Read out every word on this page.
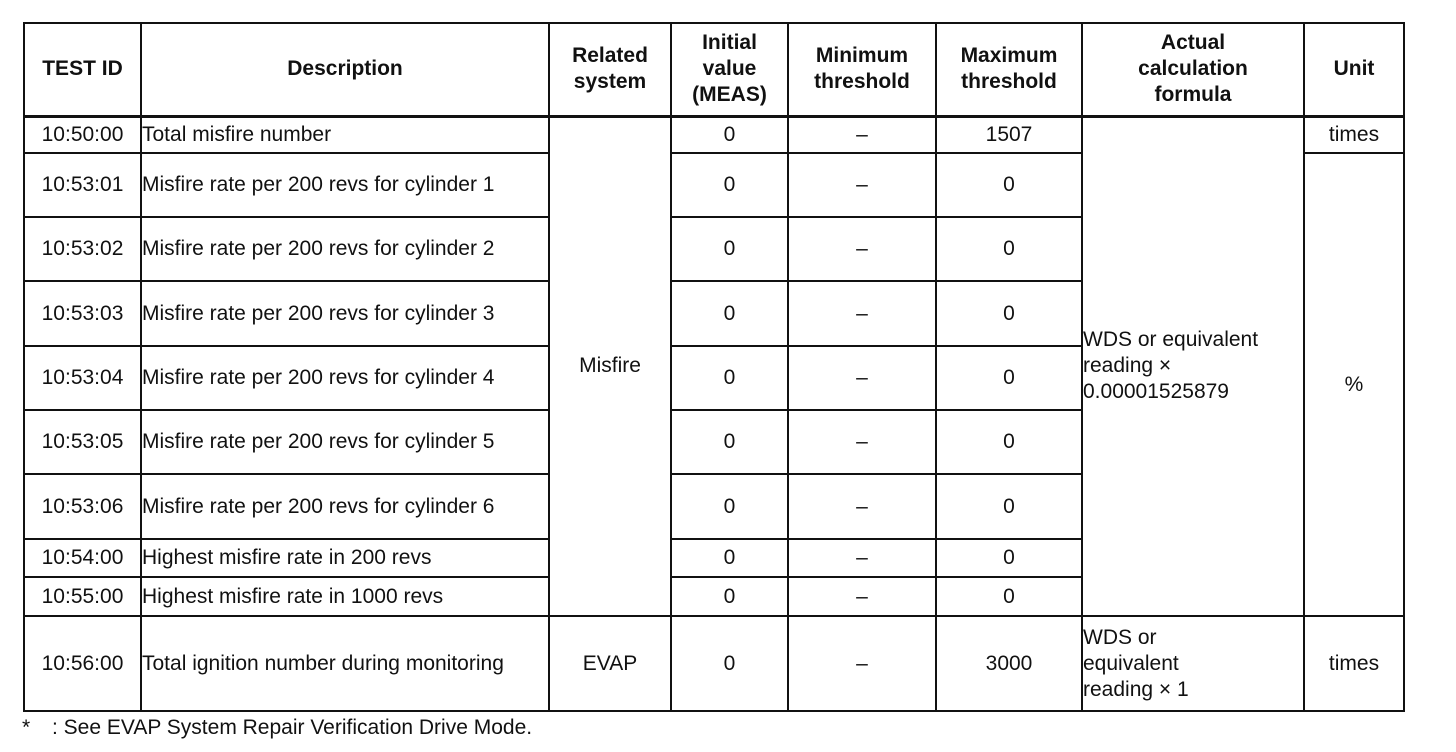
TEST ID	Description	Related system	Initial value (MEAS)	Minimum threshold	Maximum threshold	Actual calculation formula	Unit
10:50:00	Total misfire number	Misfire	0	–	1507	WDS or equivalent reading × 0.00001525879	times
10:53:01	Misfire rate per 200 revs for cylinder 1		0	–	0		%
10:53:02	Misfire rate per 200 revs for cylinder 2		0	–	0		
10:53:03	Misfire rate per 200 revs for cylinder 3		0	–	0		
10:53:04	Misfire rate per 200 revs for cylinder 4		0	–	0		
10:53:05	Misfire rate per 200 revs for cylinder 5		0	–	0		
10:53:06	Misfire rate per 200 revs for cylinder 6		0	–	0		
10:54:00	Highest misfire rate in 200 revs		0	–	0		
10:55:00	Highest misfire rate in 1000 revs		0	–	0		
10:56:00	Total ignition number during monitoring	EVAP	0	–	3000	WDS or equivalent reading × 1	times
* : See EVAP System Repair Verification Drive Mode.
